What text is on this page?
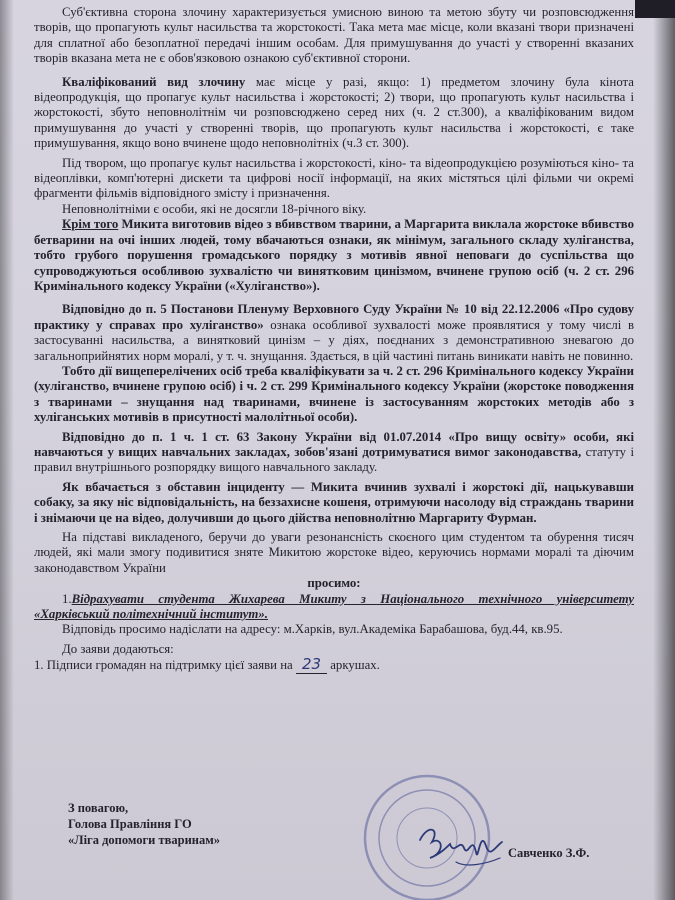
Суб'єктивна сторона злочину характеризується умисною виною та метою збуту чи розповсюдження творів, що пропагують культ насильства та жорстокості. Така мета має місце, коли вказані твори призначені для сплатної або безоплатної передачі іншим особам. Для примушування до участі у створенні вказаних творів вказана мета не є обов'язковою ознакою суб'єктивної сторони.

Кваліфікований вид злочину має місце у разі, якщо: 1) предметом злочину була кінота відеопродукція, що пропагує культ насильства і жорстокості; 2) твори, що пропагують культ насильства і жорстокості, збуто неповнолітнім чи розповсюджено серед них (ч. 2 ст.300), а кваліфікованим видом примушування до участі у створенні творів, що пропагують культ насильства і жорстокості, є таке примушування, якщо воно вчинене щодо неповнолітніх (ч.3 ст. 300).

Під твором, що пропагує культ насильства і жорстокості, кіно- та відеопродукцією розуміються кіно- та відеоплівки, комп'ютерні дискети та цифрові носії інформації, на яких містяться цілі фільми чи окремі фрагменти фільмів відповідного змісту і призначення.

Неповнолітніми є особи, які не досягли 18-річного віку.

Крім того Микита виготовив відео з вбивством тварини, а Маргарита виклала жорстоке вбивство бетварини на очі інших людей, тому вбачаються ознаки, як мінімум, загального складу хуліганства, тобто грубого порушення громадського порядку з мотивів явної неповаги до суспільства що супроводжуються особливою зухвалістю чи винятковим цинізмом, вчинене групою осіб (ч. 2 ст. 296 Кримінального кодексу України («Хуліганство»).

Відповідно до п. 5 Постанови Пленуму Верховного Суду України № 10 від 22.12.2006 «Про судову практику у справах про хуліганство» ознака особливої зухвалості може проявлятися у тому числі в застосуванні насильства, а винятковий цинізм – у діях, поєднаних з демонстративною зневагою до загальноприйнятих норм моралі, у т. ч. знущання. Здається, в цій частині питань виникати навіть не повинно.

Тобто дії вищеперелічених осіб треба кваліфікувати за ч. 2 ст. 296 Кримінального кодексу України (хуліганство, вчинене групою осіб) і ч. 2 ст. 299 Кримінального кодексу України (жорстоке поводження з тваринами – знущання над тваринами, вчинене із застосуванням жорстоких методів або з хуліганських мотивів в присутності малолітньої особи).

Відповідно до п. 1 ч. 1 ст. 63 Закону України від 01.07.2014 «Про вищу освіту» особи, які навчаються у вищих навчальних закладах, зобов'язані дотримуватися вимог законодавства, статуту і правил внутрішнього розпорядку вищого навчального закладу.

Як вбачається з обставин інциденту — Микита вчинив зухвалі і жорстокі дії, нацькувавши собаку, за яку ніс відповідальність, на беззахисне кошеня, отримуючи насолоду від страждань тварини і знімаючи це на відео, долучивши до цього дійства неповнолітню Маргариту Фурман.

На підставі викладеного, беручи до уваги резонансність скоєного цим студентом та обурення тисяч людей, які мали змогу подивитися зняте Микитою жорстоке відео, керуючись нормами моралі та діючим законодавством України

просимо:

1.Відрахувати студента Жихарева Микиту з Національного технічного університету «Харківський політехнічний інститут».

Відповідь просимо надіслати на адресу: м.Харків, вул.Академіка Барабашова, буд.44, кв.95.

До заяви додаються:

1. Підписи громадян на підтримку цієї заяви на 23 аркушах.

З повагою,
Голова Правління ГО
«Ліга допомоги тваринам»
Савченко З.Ф.
